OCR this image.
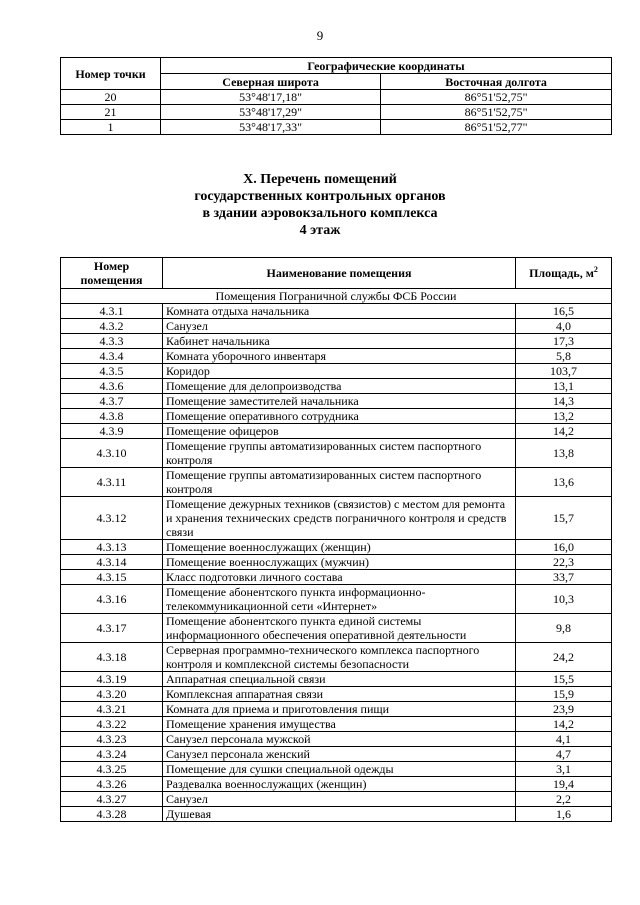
9
Номер точки	Географические координаты	
	Северная широта	Восточная долгота
20	53°48'17,18"	86°51'52,75"
21	53°48'17,29"	86°51'52,75"
1	53°48'17,33"	86°51'52,77"
X. Перечень помещений
государственных контрольных органов
в здании аэровокзального комплекса
4 этаж
Номер помещения	Наименование помещения	Площадь, $м^2$
Помещения Пограничной службы ФСБ России		
4.3.1	Комната отдыха начальника	16,5
4.3.2	Санузел	4,0
4.3.3	Кабинет начальника	17,3
4.3.4	Комната уборочного инвентаря	5,8
4.3.5	Коридор	103,7
4.3.6	Помещение для делопроизводства	13,1
4.3.7	Помещение заместителей начальника	14,3
4.3.8	Помещение оперативного сотрудника	13,2
4.3.9	Помещение офицеров	14,2
4.3.10	Помещение группы автоматизированных систем паспортного контроля	13,8
4.3.11	Помещение группы автоматизированных систем паспортного контроля	13,6
4.3.12	Помещение дежурных техников (связистов) с местом для ремонта и хранения технических средств пограничного контроля и средств связи	15,7
4.3.13	Помещение военнослужащих (женщин)	16,0
4.3.14	Помещение военнослужащих (мужчин)	22,3
4.3.15	Класс подготовки личного состава	33,7
4.3.16	Помещение абонентского пункта информационно-телекоммуникационной сети «Интернет»	10,3
4.3.17	Помещение абонентского пункта единой системы информационного обеспечения оперативной деятельности	9,8
4.3.18	Серверная программно-технического комплекса паспортного контроля и комплексной системы безопасности	24,2
4.3.19	Аппаратная специальной связи	15,5
4.3.20	Комплексная аппаратная связи	15,9
4.3.21	Комната для приема и приготовления пищи	23,9
4.3.22	Помещение хранения имущества	14,2
4.3.23	Санузел персонала мужской	4,1
4.3.24	Санузел персонала женский	4,7
4.3.25	Помещение для сушки специальной одежды	3,1
4.3.26	Раздевалка военнослужащих (женщин)	19,4
4.3.27	Санузел	2,2
4.3.28	Душевая	1,6
